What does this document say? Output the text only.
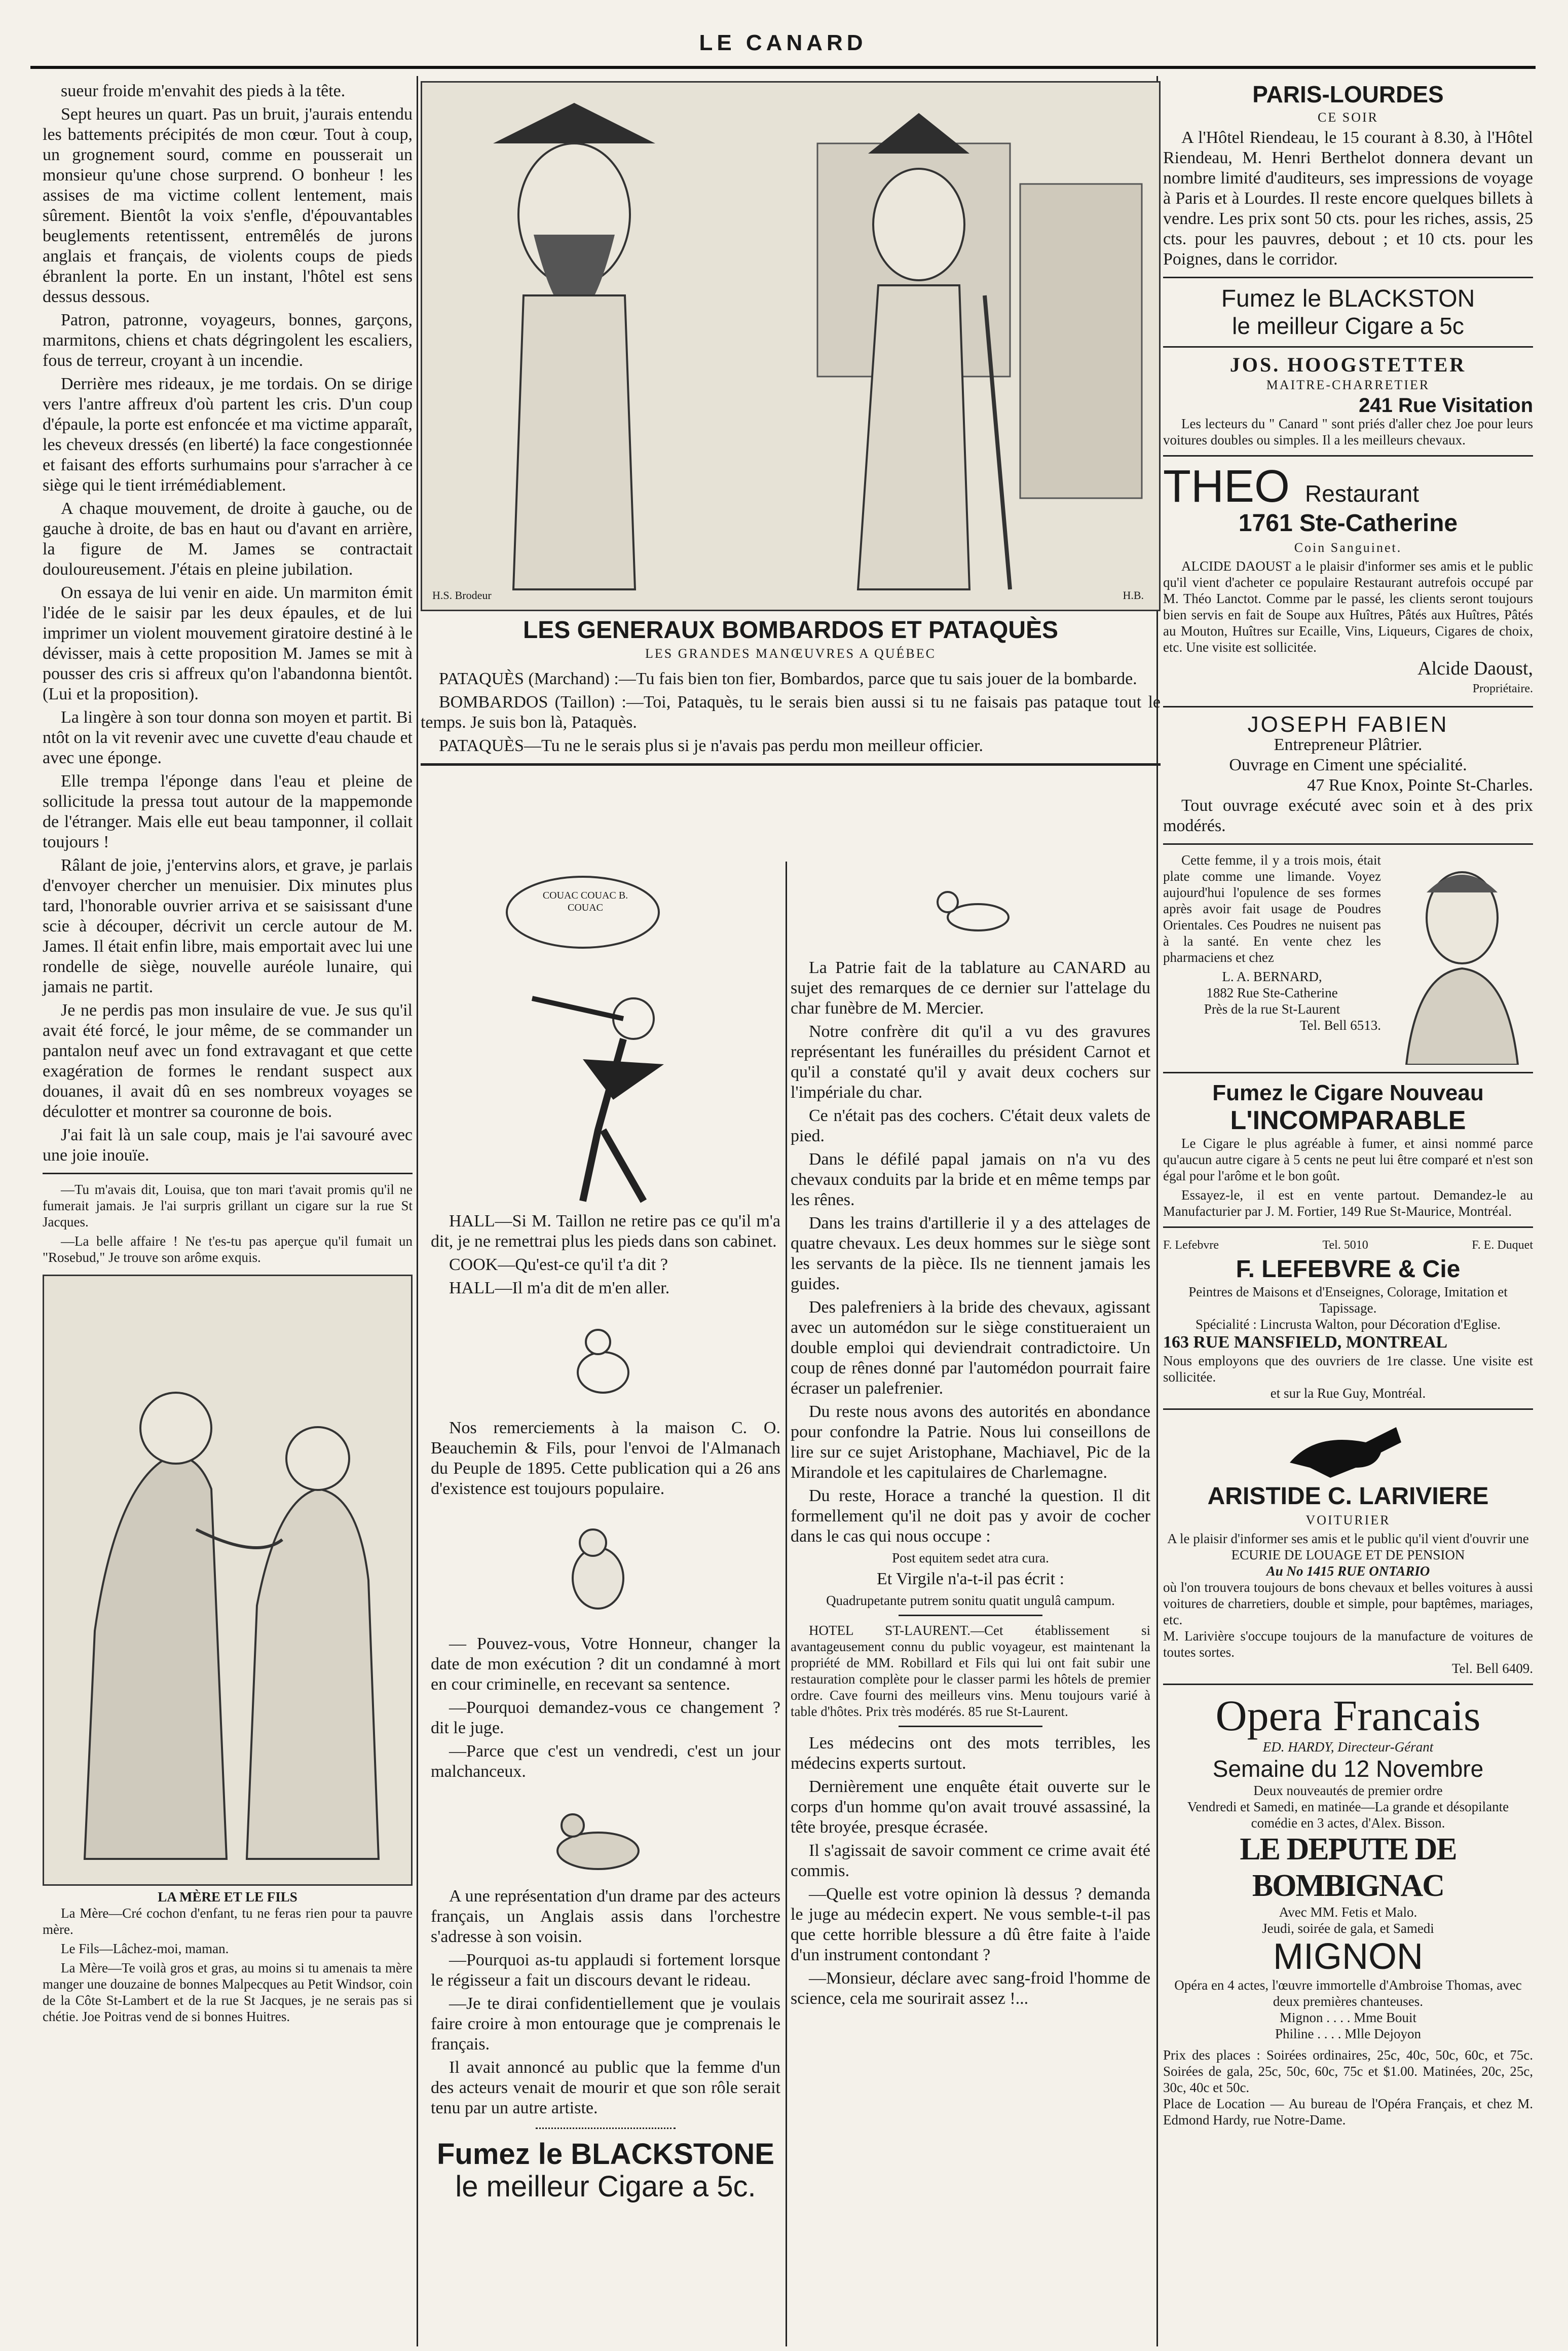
LE CANARD

sueur froide m'envahit des pieds à la tête.

Sept heures un quart. Pas un bruit, j'aurais entendu les battements précipités de mon cœur. Tout à coup, un grognement sourd, comme en pousserait un monsieur qu'une chose surprend. O bonheur ! les assises de ma victime collent lentement, mais sûrement. Bientôt la voix s'enfle, d'épouvantables beuglements retentissent, entremêlés de jurons anglais et français, de violents coups de pieds ébranlent la porte. En un instant, l'hôtel est sens dessus dessous.

Patron, patronne, voyageurs, bonnes, garçons, marmitons, chiens et chats dégringolent les escaliers, fous de terreur, croyant à un incendie.

Derrière mes rideaux, je me tordais. On se dirige vers l'antre affreux d'où partent les cris. D'un coup d'épaule, la porte est enfoncée et ma victime apparaît, les cheveux dressés (en liberté) la face congestionnée et faisant des efforts surhumains pour s'arracher à ce siège qui le tient irrémédiablement.

A chaque mouvement, de droite à gauche, ou de gauche à droite, de bas en haut ou d'avant en arrière, la figure de M. James se contractait douloureusement. J'étais en pleine jubilation.

On essaya de lui venir en aide. Un marmiton émit l'idée de le saisir par les deux épaules, et de lui imprimer un violent mouvement giratoire destiné à le dévisser, mais à cette proposition M. James se mit à pousser des cris si affreux qu'on l'abandonna bientôt. (Lui et la proposition).

La lingère à son tour donna son moyen et partit. Bi ntôt on la vit revenir avec une cuvette d'eau chaude et avec une éponge.

Elle trempa l'éponge dans l'eau et pleine de sollicitude la pressa tout autour de la mappemonde de l'étranger. Mais elle eut beau tamponner, il collait toujours !

Râlant de joie, j'entervins alors, et grave, je parlais d'envoyer chercher un menuisier. Dix minutes plus tard, l'honorable ouvrier arriva et se saisissant d'une scie à découper, décrivit un cercle autour de M. James. Il était enfin libre, mais emportait avec lui une rondelle de siège, nouvelle auréole lunaire, qui jamais ne partit.

Je ne perdis pas mon insulaire de vue. Je sus qu'il avait été forcé, le jour même, de se commander un pantalon neuf avec un fond extravagant et que cette exagération de formes le rendant suspect aux douanes, il avait dû en ses nombreux voyages se déculotter et montrer sa couronne de bois.

J'ai fait là un sale coup, mais je l'ai savouré avec une joie inouïe.

—Tu m'avais dit, Louisa, que ton mari t'avait promis qu'il ne fumerait jamais. Je l'ai surpris grillant un cigare sur la rue St Jacques.

—La belle affaire ! Ne t'es-tu pas aperçue qu'il fumait un "Rosebud," Je trouve son arôme exquis.

LA MÈRE ET LE FILS

La Mère—Cré cochon d'enfant, tu ne feras rien pour ta pauvre mère.

Le Fils—Lâchez-moi, maman.

La Mère—Te voilà gros et gras, au moins si tu amenais ta mère manger une douzaine de bonnes Malpecques au Petit Windsor, coin de la Côte St-Lambert et de la rue St Jacques, je ne serais pas si chétie. Joe Poitras vend de si bonnes Huitres.

H.S. Brodeur	H.B.
LES GENERAUX BOMBARDOS ET PATAQUÈS
LES GRANDES MANŒUVRES A QUÉBEC

PATAQUÈS (Marchand) :—Tu fais bien ton fier, Bombardos, parce que tu sais jouer de la bombarde.

BOMBARDOS (Taillon) :—Toi, Pataquès, tu le serais bien aussi si tu ne faisais pas pataque tout le temps. Je suis bon là, Pataquès.

PATAQUÈS—Tu ne le serais plus si je n'avais pas perdu mon meilleur officier.

COUAC COUAC B. COUAC

HALL—Si M. Taillon ne retire pas ce qu'il m'a dit, je ne remettrai plus les pieds dans son cabinet.

COOK—Qu'est-ce qu'il t'a dit ?

HALL—Il m'a dit de m'en aller.

Nos remerciements à la maison C. O. Beauchemin & Fils, pour l'envoi de l'Almanach du Peuple de 1895. Cette publication qui a 26 ans d'existence est toujours populaire.

— Pouvez-vous, Votre Honneur, changer la date de mon exécution ? dit un condamné à mort en cour criminelle, en recevant sa sentence.

—Pourquoi demandez-vous ce changement ? dit le juge.

—Parce que c'est un vendredi, c'est un jour malchanceux.

A une représentation d'un drame par des acteurs français, un Anglais assis dans l'orchestre s'adresse à son voisin.

—Pourquoi as-tu applaudi si fortement lorsque le régisseur a fait un discours devant le rideau.

—Je te dirai confidentiellement que je voulais faire croire à mon entourage que je comprenais le français.

Il avait annoncé au public que la femme d'un des acteurs venait de mourir et que son rôle serait tenu par un autre artiste.

Fumez le BLACKSTONE
le meilleur Cigare a 5c.

La Patrie fait de la tablature au CANARD au sujet des remarques de ce dernier sur l'attelage du char funèbre de M. Mercier.

Notre confrère dit qu'il a vu des gravures représentant les funérailles du président Carnot et qu'il a constaté qu'il y avait deux cochers sur l'impériale du char.

Ce n'était pas des cochers. C'était deux valets de pied.

Dans le défilé papal jamais on n'a vu des chevaux conduits par la bride et en même temps par les rênes.

Dans les trains d'artillerie il y a des attelages de quatre chevaux. Les deux hommes sur le siège sont les servants de la pièce. Ils ne tiennent jamais les guides.

Des palefreniers à la bride des chevaux, agissant avec un automédon sur le siège constitueraient un double emploi qui deviendrait contradictoire. Un coup de rênes donné par l'automédon pourrait faire écraser un palefrenier.

Du reste nous avons des autorités en abondance pour confondre la Patrie. Nous lui conseillons de lire sur ce sujet Aristophane, Machiavel, Pic de la Mirandole et les capitulaires de Charlemagne.

Du reste, Horace a tranché la question. Il dit formellement qu'il ne doit pas y avoir de cocher dans le cas qui nous occupe :

Post equitem sedet atra cura.

Et Virgile n'a-t-il pas écrit :

Quadrupetante putrem sonitu quatit ungulâ campum.

HOTEL ST-LAURENT.—Cet établissement si avantageusement connu du public voyageur, est maintenant la propriété de MM. Robillard et Fils qui lui ont fait subir une restauration complète pour le classer parmi les hôtels de premier ordre. Cave fourni des meilleurs vins. Menu toujours varié à table d'hôtes. Prix très modérés. 85 rue St-Laurent.

Les médecins ont des mots terribles, les médecins experts surtout.

Dernièrement une enquête était ouverte sur le corps d'un homme qu'on avait trouvé assassiné, la tête broyée, presque écrasée.

Il s'agissait de savoir comment ce crime avait été commis.

—Quelle est votre opinion là dessus ? demanda le juge au médecin expert. Ne vous semble-t-il pas que cette horrible blessure a dû être faite à l'aide d'un instrument contondant ?

—Monsieur, déclare avec sang-froid l'homme de science, cela me sourirait assez !...

PARIS-LOURDES
CE SOIR

A l'Hôtel Riendeau, le 15 courant à 8.30, à l'Hôtel Riendeau, M. Henri Berthelot donnera devant un nombre limité d'auditeurs, ses impressions de voyage à Paris et à Lourdes. Il reste encore quelques billets à vendre. Les prix sont 50 cts. pour les riches, assis, 25 cts. pour les pauvres, debout ; et 10 cts. pour les Poignes, dans le corridor.

Fumez le BLACKSTON
le meilleur Cigare a 5c
JOS. HOOGSTETTER
MAITRE-CHARRETIER
241 Rue Visitation

Les lecteurs du " Canard " sont priés d'aller chez Joe pour leurs voitures doubles ou simples. Il a les meilleurs chevaux.

THEO Restaurant
1761 Ste-Catherine
Coin Sanguinet.

ALCIDE DAOUST a le plaisir d'informer ses amis et le public qu'il vient d'acheter ce populaire Restaurant autrefois occupé par M. Théo Lanctot. Comme par le passé, les clients seront toujours bien servis en fait de Soupe aux Huîtres, Pâtés aux Huîtres, Pâtés au Mouton, Huîtres sur Ecaille, Vins, Liqueurs, Cigares de choix, etc. Une visite est sollicitée.

Alcide Daoust,
Propriétaire.
JOSEPH FABIEN
Entrepreneur Plâtrier.
Ouvrage en Ciment une spécialité.
47 Rue Knox, Pointe St-Charles.

Tout ouvrage exécuté avec soin et à des prix modérés.

Cette femme, il y a trois mois, était plate comme une limande. Voyez aujourd'hui l'opulence de ses formes après avoir fait usage de Poudres Orientales. Ces Poudres ne nuisent pas à la santé. En vente chez les pharmaciens et chez

L. A. BERNARD,
1882 Rue Ste-Catherine
Près de la rue St-Laurent
Tel. Bell 6513.
Fumez le Cigare Nouveau
L'INCOMPARABLE

Le Cigare le plus agréable à fumer, et ainsi nommé parce qu'aucun autre cigare à 5 cents ne peut lui être comparé et n'est son égal pour l'arôme et le bon goût.

Essayez-le, il est en vente partout. Demandez-le au Manufacturier par J. M. Fortier, 149 Rue St-Maurice, Montréal.

F. Lefebvre	Tel. 5010	F. E. Duquet
F. LEFEBVRE & Cie
Peintres de Maisons et d'Enseignes, Colorage, Imitation et Tapissage.
Spécialité : Lincrusta Walton, pour Décoration d'Eglise.
163 RUE MANSFIELD, MONTREAL
Nous employons que des ouvriers de 1re classe. Une visite est sollicitée.
et sur la Rue Guy, Montréal.
ARISTIDE C. LARIVIERE
VOITURIER
A le plaisir d'informer ses amis et le public qu'il vient d'ouvrir une
ECURIE DE LOUAGE ET DE PENSION
Au No 1415 RUE ONTARIO
où l'on trouvera toujours de bons chevaux et belles voitures à aussi voitures de charretiers, double et simple, pour baptêmes, mariages, etc.
M. Larivière s'occupe toujours de la manufacture de voitures de toutes sortes.
Tel. Bell 6409.
Opera Francais
ED. HARDY, Directeur-Gérant
Semaine du 12 Novembre
Deux nouveautés de premier ordre
Vendredi et Samedi, en matinée—La grande et désopilante comédie en 3 actes, d'Alex. Bisson.
LE DEPUTE DE BOMBIGNAC
Avec MM. Fetis et Malo.
Jeudi, soirée de gala, et Samedi
MIGNON
Opéra en 4 actes, l'œuvre immortelle d'Ambroise Thomas, avec deux premières chanteuses.
Mignon . . . . Mme Bouit
Philine . . . . Mlle Dejoyon
Prix des places : Soirées ordinaires, 25c, 40c, 50c, 60c, et 75c. Soirées de gala, 25c, 50c, 60c, 75c et $1.00. Matinées, 20c, 25c, 30c, 40c et 50c.
Place de Location — Au bureau de l'Opéra Français, et chez M. Edmond Hardy, rue Notre-Dame.
